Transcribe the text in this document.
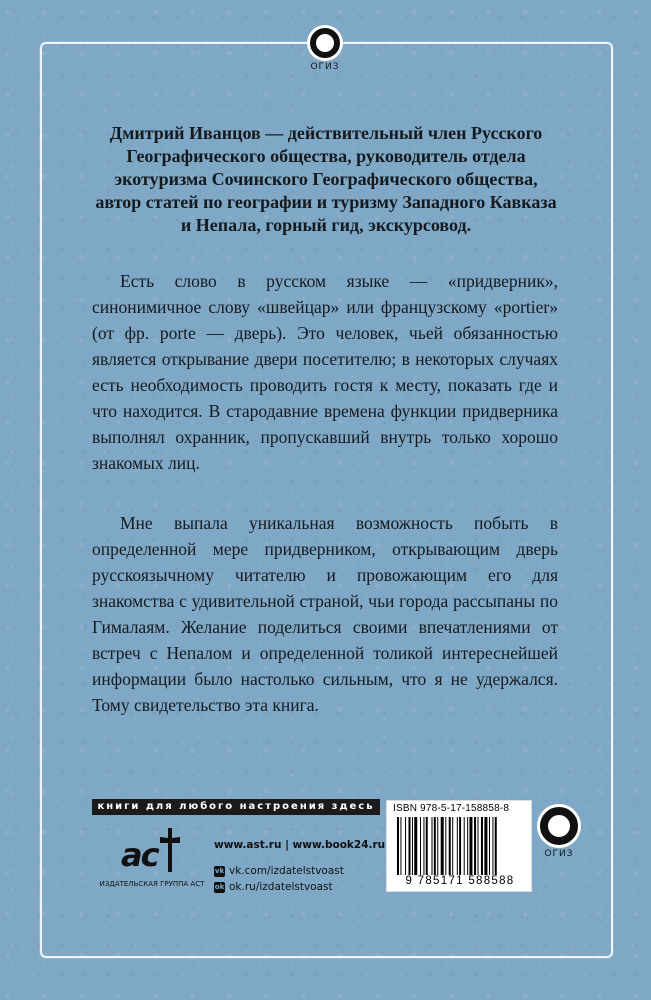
ОГИЗ
Дмитрий Иванцов — действительный член Русского Географического общества, руководитель отдела экотуризма Сочинского Географического общества, автор статей по географии и туризму Западного Кавказа и Непала, горный гид, экскурсовод.

Есть слово в русском языке — «придверник», синонимичное слову «швейцар» или французскому «portier» (от фр. porte — дверь). Это человек, чьей обязанностью является открывание двери посетителю; в некоторых случаях есть необходимость проводить гостя к месту, показать где и что находится. В стародавние времена функции придверника выполнял охранник, пропускавший внутрь только хорошо знакомых лиц.

Мне выпала уникальная возможность побыть в определенной мере придверником, открывающим дверь русскоязычному читателю и провожающим его для знакомства с удивительной страной, чьи города рассыпаны по Гималаям. Желание поделиться своими впечатлениями от встреч с Непалом и определенной толикой интереснейшей информации было настолько сильным, что я не удержался. Тому свидетельство эта книга.

книги для любого настроения здесь
ac
ИЗДАТЕЛЬСКАЯ ГРУППА АСТ
www.ast.ru | www.book24.ru
vk vk.com/izdatelstvoast
ok ok.ru/izdatelstvoast
ISBN 978-5-17-158858-8
9 785171 588588
ОГИЗ
